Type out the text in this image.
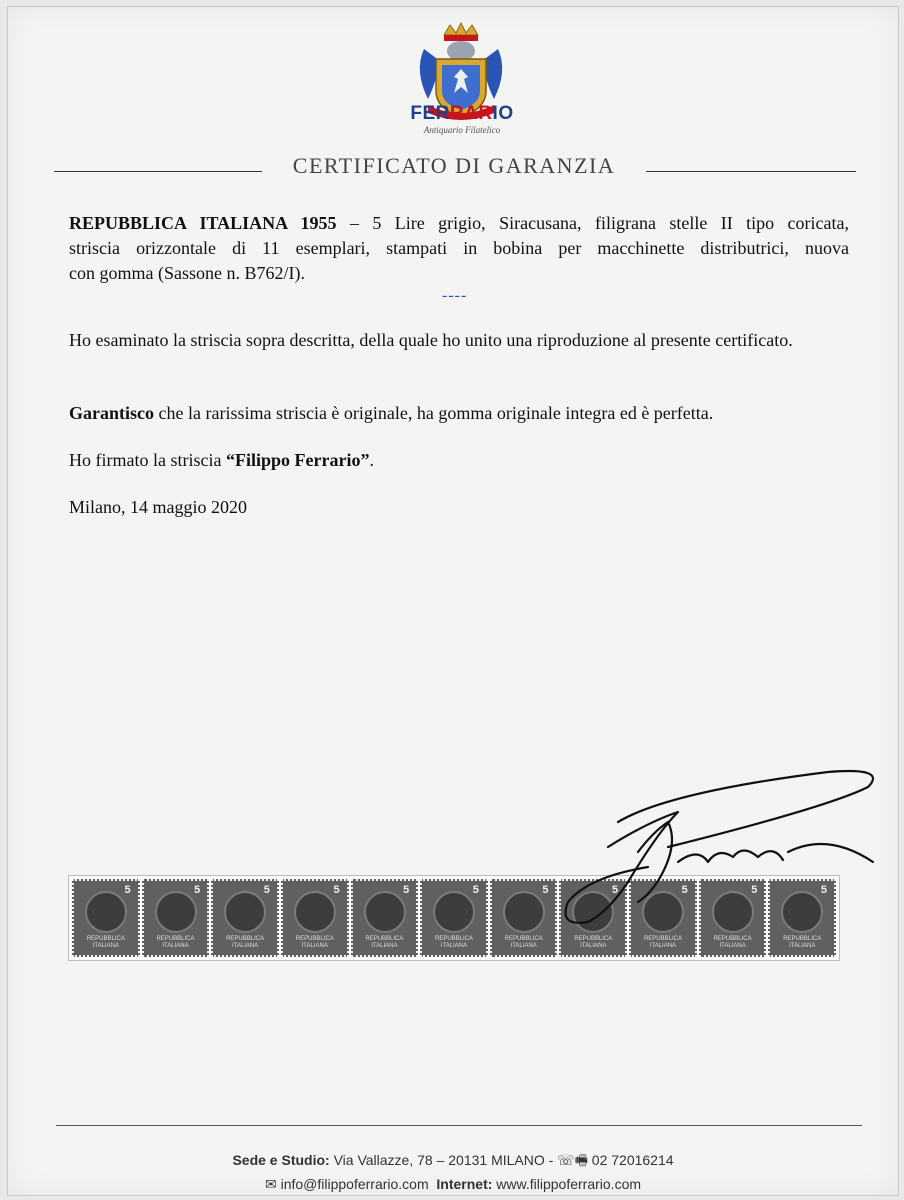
FERRARIO
Antiquario Filatelico
CERTIFICATO DI GARANZIA
REPUBBLICA ITALIANA 1955 – 5 Lire grigio, Siracusana, filigrana stelle II tipo coricata,
striscia orizzontale di 11 esemplari, stampati in bobina per macchinette distributrici, nuova
con gomma (Sassone n. B762/I).
----
Ho esaminato la striscia sopra descritta, della quale ho unito una riproduzione al presente certificato.
Garantisco che la rarissima striscia è originale, ha gomma originale integra ed è perfetta.
Ho firmato la striscia “Filippo Ferrario”.
Milano, 14 maggio 2020
5
REPUBBLICA
ITALIANA
5
REPUBBLICA
ITALIANA
5
REPUBBLICA
ITALIANA
5
REPUBBLICA
ITALIANA
5
REPUBBLICA
ITALIANA
5
REPUBBLICA
ITALIANA
5
REPUBBLICA
ITALIANA
5
REPUBBLICA
ITALIANA
5
REPUBBLICA
ITALIANA
5
REPUBBLICA
ITALIANA
5
REPUBBLICA
ITALIANA
Sede e Studio: Via Vallazze, 78 – 20131 MILANO - ☏🖷 02 72016214
✉ info@filippoferrario.com Internet: www.filippoferrario.com
